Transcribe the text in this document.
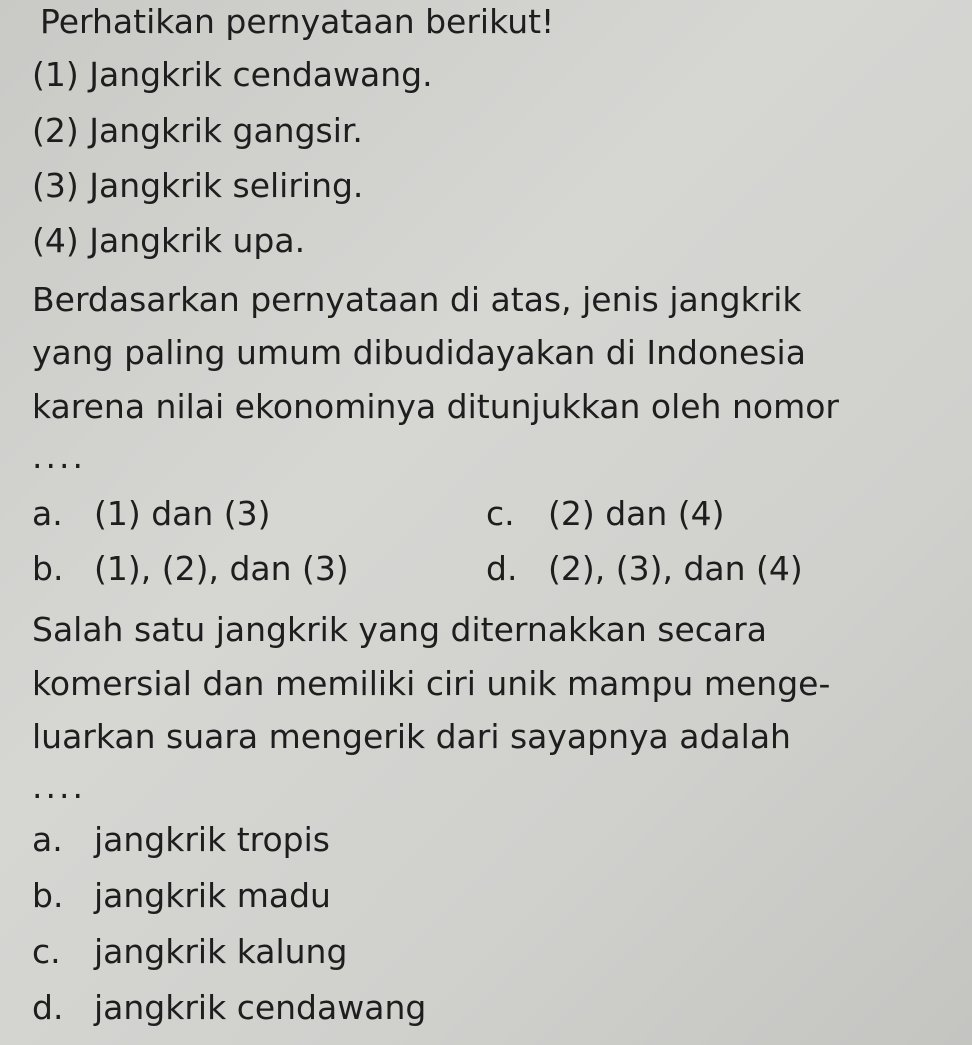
Perhatikan pernyataan berikut!

(1) Jangkrik cendawang.

(2) Jangkrik gangsir.

(3) Jangkrik seliring.

(4) Jangkrik upa.

Berdasarkan pernyataan di atas, jenis jangkrik

yang paling umum dibudidayakan di Indonesia

karena nilai ekonominya ditunjukkan oleh nomor

....

a. (1) dan (3)

b. (1), (2), dan (3)

c. (2) dan (4)

d. (2), (3), dan (4)

Salah satu jangkrik yang diternakkan secara

komersial dan memiliki ciri unik mampu menge-

luarkan suara mengerik dari sayapnya adalah

....

a. jangkrik tropis

b. jangkrik madu

c. jangkrik kalung

d. jangkrik cendawang
